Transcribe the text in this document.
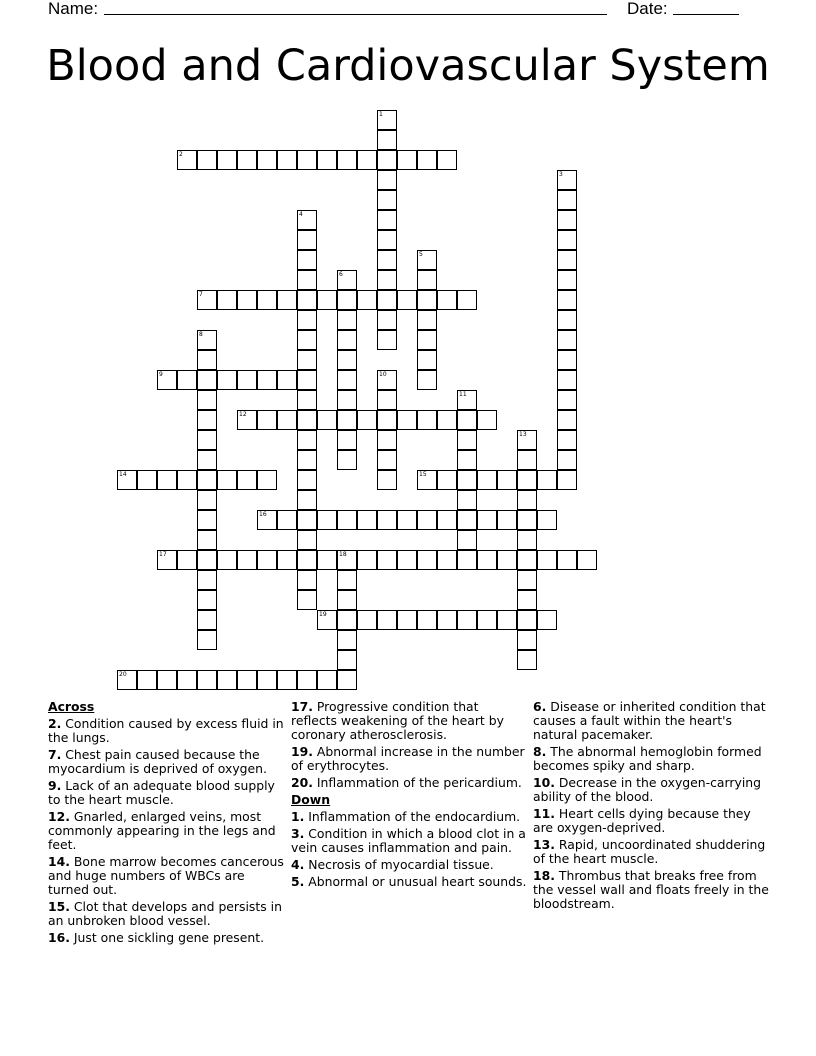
Name:	Date:
Blood and Cardiovascular System
1
2
3
4
5
6
7
8
9	10
11
12
13
14	15
16
17	18
19
20
Across
2. Condition caused by excess fluid in the lungs.
7. Chest pain caused because the myocardium is deprived of oxygen.
9. Lack of an adequate blood supply to the heart muscle.
12. Gnarled, enlarged veins, most commonly appearing in the legs and feet.
14. Bone marrow becomes cancerous and huge numbers of WBCs are turned out.
15. Clot that develops and persists in an unbroken blood vessel.
16. Just one sickling gene present.
17. Progressive condition that reflects weakening of the heart by coronary atherosclerosis.
19. Abnormal increase in the number of erythrocytes.
20. Inflammation of the pericardium.
Down
1. Inflammation of the endocardium.
3. Condition in which a blood clot in a vein causes inflammation and pain.
4. Necrosis of myocardial tissue.
5. Abnormal or unusual heart sounds.
6. Disease or inherited condition that causes a fault within the heart's natural pacemaker.
8. The abnormal hemoglobin formed becomes spiky and sharp.
10. Decrease in the oxygen-carrying ability of the blood.
11. Heart cells dying because they are oxygen-deprived.
13. Rapid, uncoordinated shuddering of the heart muscle.
18. Thrombus that breaks free from the vessel wall and floats freely in the bloodstream.
